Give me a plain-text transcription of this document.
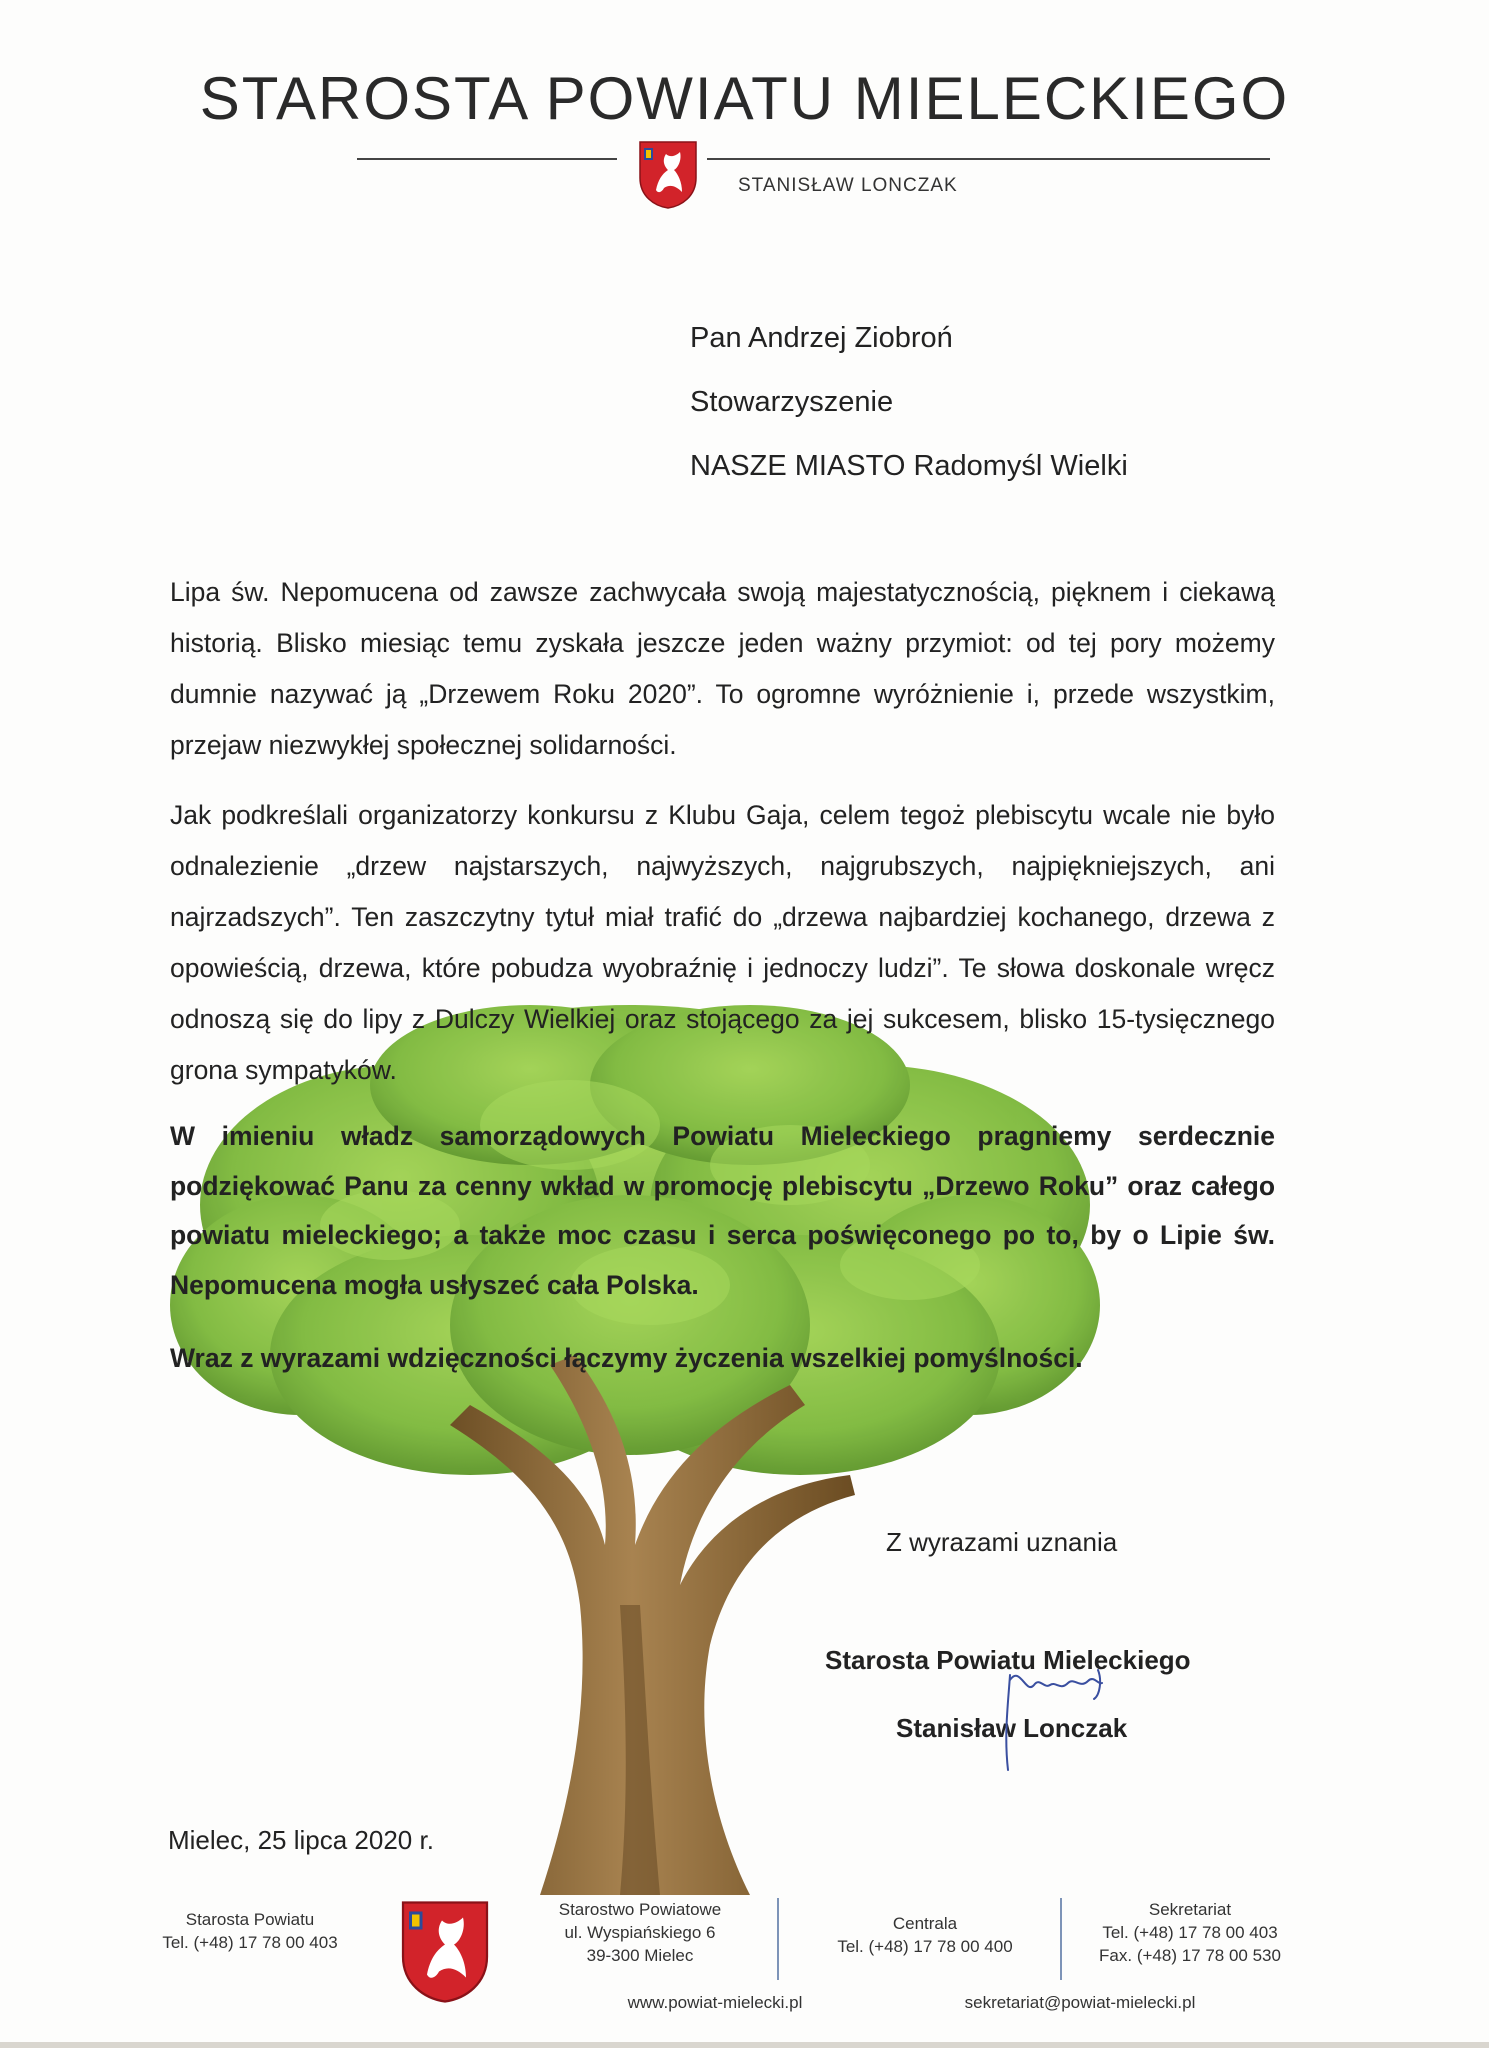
STAROSTA POWIATU MIELECKIEGO
STANISŁAW LONCZAK
Pan Andrzej Ziobroń
Stowarzyszenie
NASZE MIASTO Radomyśl Wielki
Lipa św. Nepomucena od zawsze zachwycała swoją majestatycznością, pięknem i ciekawą historią. Blisko miesiąc temu zyskała jeszcze jeden ważny przymiot: od tej pory możemy dumnie nazywać ją „Drzewem Roku 2020”. To ogromne wyróżnienie i, przede wszystkim, przejaw niezwykłej społecznej solidarności.
Jak podkreślali organizatorzy konkursu z Klubu Gaja, celem tegoż plebiscytu wcale nie było odnalezienie „drzew najstarszych, najwyższych, najgrubszych, najpiękniejszych, ani najrzadszych”. Ten zaszczytny tytuł miał trafić do „drzewa najbardziej kochanego, drzewa z opowieścią, drzewa, które pobudza wyobraźnię i jednoczy ludzi”. Te słowa doskonale wręcz odnoszą się do lipy z Dulczy Wielkiej oraz stojącego za jej sukcesem, blisko 15-tysięcznego grona sympatyków.
W imieniu władz samorządowych Powiatu Mieleckiego pragniemy serdecznie podziękować Panu za cenny wkład w promocję plebiscytu „Drzewo Roku” oraz całego powiatu mieleckiego; a także moc czasu i serca poświęconego po to, by o Lipie św. Nepomucena mogła usłyszeć cała Polska.
Wraz z wyrazami wdzięczności łączymy życzenia wszelkiej pomyślności.
Z wyrazami uznania
Starosta Powiatu Mieleckiego
Stanisław Lonczak
Mielec, 25 lipca 2020 r.
Starosta Powiatu
Tel. (+48) 17 78 00 403
Starostwo Powiatowe
ul. Wyspiańskiego 6
39-300 Mielec
Centrala
Tel. (+48) 17 78 00 400
Sekretariat
Tel. (+48) 17 78 00 403
Fax. (+48) 17 78 00 530
www.powiat-mielecki.pl	sekretariat@powiat-mielecki.pl
